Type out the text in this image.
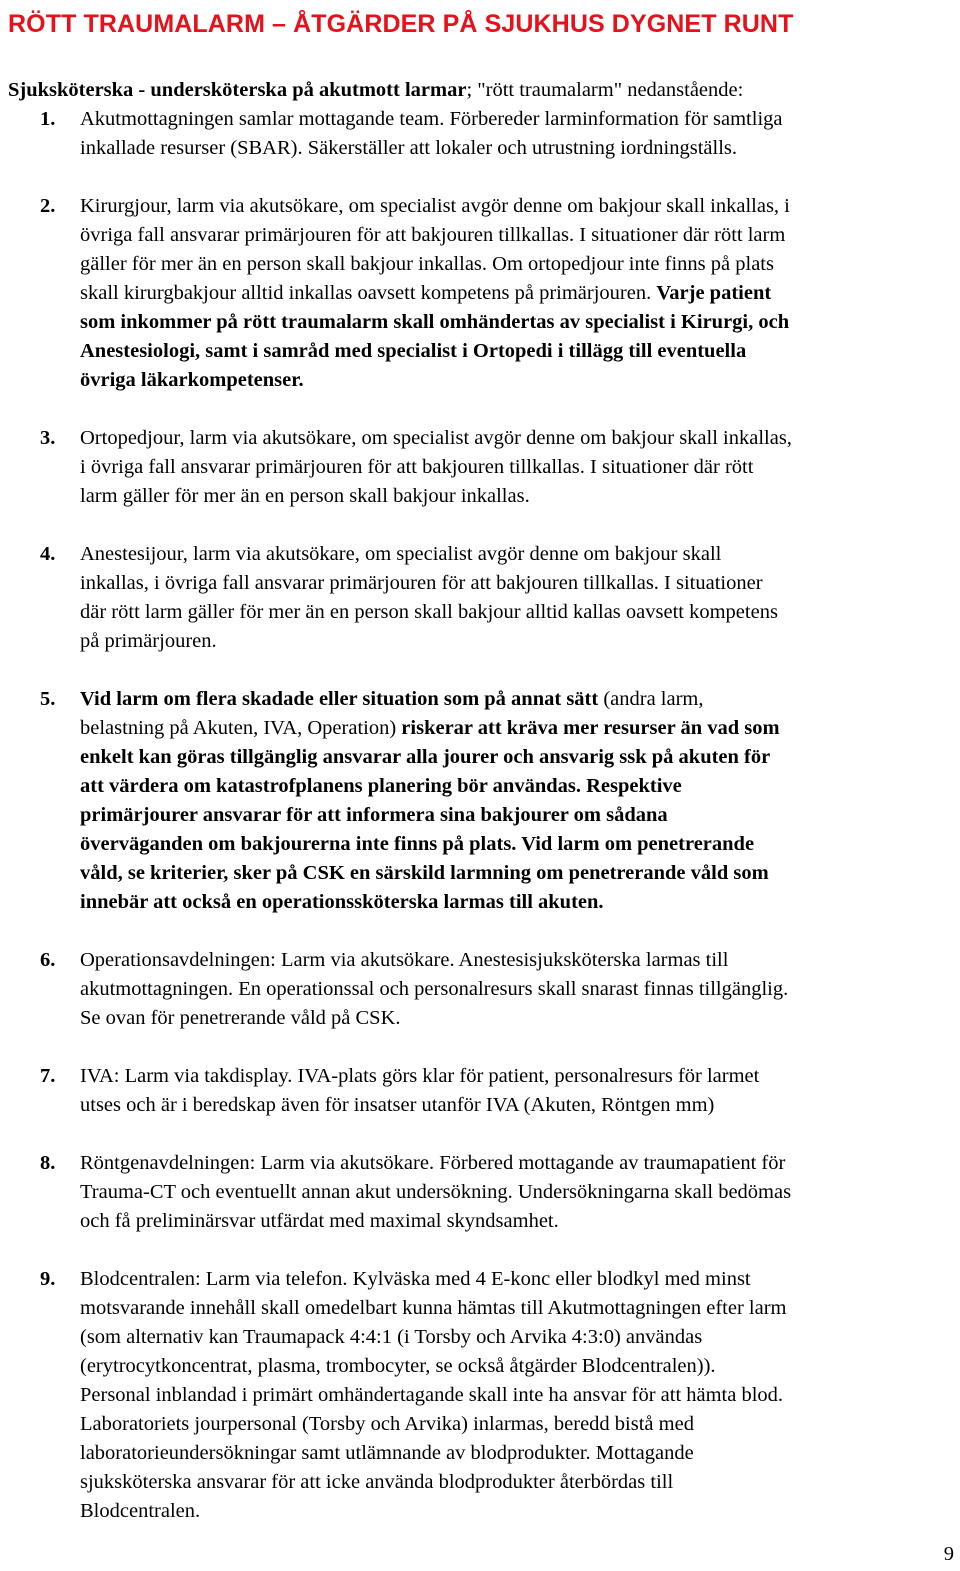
RÖTT TRAUMALARM – ÅTGÄRDER PÅ SJUKHUS DYGNET RUNT
Sjuksköterska - undersköterska på akutmott larmar; "rött traumalarm" nedanstående:
1. Akutmottagningen samlar mottagande team. Förbereder larminformation för samtliga
inkallade resurser (SBAR). Säkerställer att lokaler och utrustning iordningställs.
2. Kirurgjour, larm via akutsökare, om specialist avgör denne om bakjour skall inkallas, i
övriga fall ansvarar primärjouren för att bakjouren tillkallas. I situationer där rött larm
gäller för mer än en person skall bakjour inkallas. Om ortopedjour inte finns på plats
skall kirurgbakjour alltid inkallas oavsett kompetens på primärjouren. Varje patient
som inkommer på rött traumalarm skall omhändertas av specialist i Kirurgi, och
Anestesiologi, samt i samråd med specialist i Ortopedi i tillägg till eventuella
övriga läkarkompetenser.
3. Ortopedjour, larm via akutsökare, om specialist avgör denne om bakjour skall inkallas,
i övriga fall ansvarar primärjouren för att bakjouren tillkallas. I situationer där rött
larm gäller för mer än en person skall bakjour inkallas.
4. Anestesijour, larm via akutsökare, om specialist avgör denne om bakjour skall
inkallas, i övriga fall ansvarar primärjouren för att bakjouren tillkallas. I situationer
där rött larm gäller för mer än en person skall bakjour alltid kallas oavsett kompetens
på primärjouren.
5. Vid larm om flera skadade eller situation som på annat sätt (andra larm,
belastning på Akuten, IVA, Operation) riskerar att kräva mer resurser än vad som
enkelt kan göras tillgänglig ansvarar alla jourer och ansvarig ssk på akuten för
att värdera om katastrofplanens planering bör användas. Respektive
primärjourer ansvarar för att informera sina bakjourer om sådana
överväganden om bakjourerna inte finns på plats. Vid larm om penetrerande
våld, se kriterier, sker på CSK en särskild larmning om penetrerande våld som
innebär att också en operationssköterska larmas till akuten.
6. Operationsavdelningen: Larm via akutsökare. Anestesisjuksköterska larmas till
akutmottagningen. En operationssal och personalresurs skall snarast finnas tillgänglig.
Se ovan för penetrerande våld på CSK.
7. IVA: Larm via takdisplay. IVA-plats görs klar för patient, personalresurs för larmet
utses och är i beredskap även för insatser utanför IVA (Akuten, Röntgen mm)
8. Röntgenavdelningen: Larm via akutsökare. Förbered mottagande av traumapatient för
Trauma-CT och eventuellt annan akut undersökning. Undersökningarna skall bedömas
och få preliminärsvar utfärdat med maximal skyndsamhet.
9. Blodcentralen: Larm via telefon. Kylväska med 4 E-konc eller blodkyl med minst
motsvarande innehåll skall omedelbart kunna hämtas till Akutmottagningen efter larm
(som alternativ kan Traumapack 4:4:1 (i Torsby och Arvika 4:3:0) användas
(erytrocytkoncentrat, plasma, trombocyter, se också åtgärder Blodcentralen)).
Personal inblandad i primärt omhändertagande skall inte ha ansvar för att hämta blod.
Laboratoriets jourpersonal (Torsby och Arvika) inlarmas, beredd bistå med
laboratorieundersökningar samt utlämnande av blodprodukter. Mottagande
sjuksköterska ansvarar för att icke använda blodprodukter återbördas till
Blodcentralen.
9
